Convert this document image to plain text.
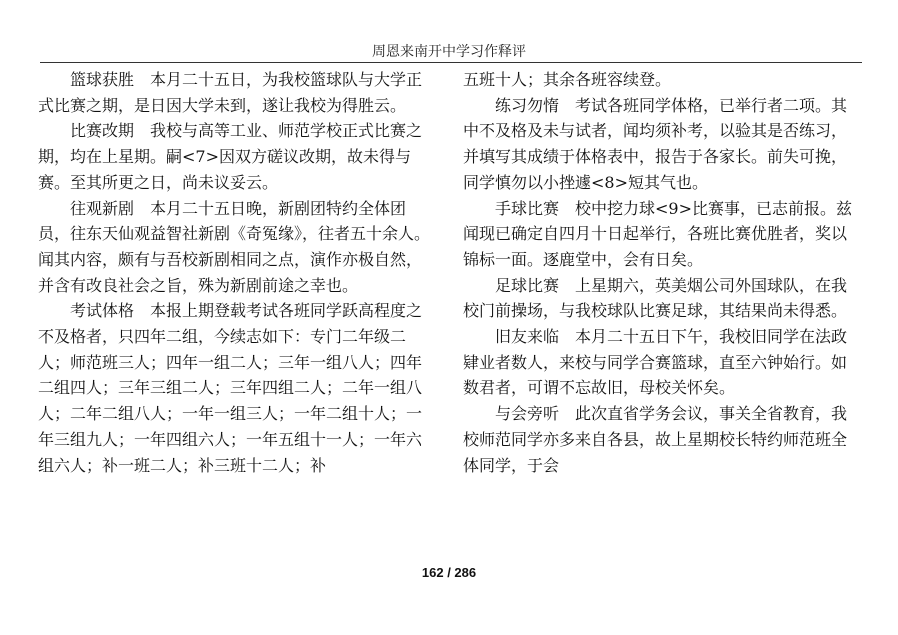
周恩来南开中学习作释评

篮球获胜　本月二十五日，为我校篮球队与大学正式比赛之期，是日因大学未到，遂让我校为得胜云。

比赛改期　我校与高等工业、师范学校正式比赛之期，均在上星期。嗣<7>因双方磋议改期，故未得与赛。至其所更之日，尚未议妥云。

往观新剧　本月二十五日晚，新剧团特约全体团员，往东天仙观益智社新剧《奇冤缘》，往者五十余人。闻其内容，颇有与吾校新剧相同之点，演作亦极自然，并含有改良社会之旨，殊为新剧前途之幸也。

考试体格　本报上期登载考试各班同学跃高程度之不及格者，只四年二组，今续志如下：专门二年级二人；师范班三人；四年一组二人；三年一组八人；四年二组四人；三年三组二人；三年四组二人；二年一组八人；二年二组八人；一年一组三人；一年二组十人；一年三组九人；一年四组六人；一年五组十一人；一年六组六人；补一班二人；补三班十二人；补

五班十人；其余各班容续登。

练习勿惰　考试各班同学体格，已举行者二项。其中不及格及未与试者，闻均须补考，以验其是否练习，并填写其成绩于体格表中，报告于各家长。前失可挽，同学慎勿以小挫遽<8>短其气也。

手球比赛　校中挖力球<9>比赛事，已志前报。兹闻现已确定自四月十日起举行，各班比赛优胜者，奖以锦标一面。逐鹿堂中，会有日矣。

足球比赛　上星期六，英美烟公司外国球队，在我校门前操场，与我校球队比赛足球，其结果尚未得悉。

旧友来临　本月二十五日下午，我校旧同学在法政肄业者数人，来校与同学合赛篮球，直至六钟始行。如数君者，可谓不忘故旧，母校关怀矣。

与会旁听　此次直省学务会议，事关全省教育，我校师范同学亦多来自各县，故上星期校长特约师范班全体同学，于会

162 / 286
